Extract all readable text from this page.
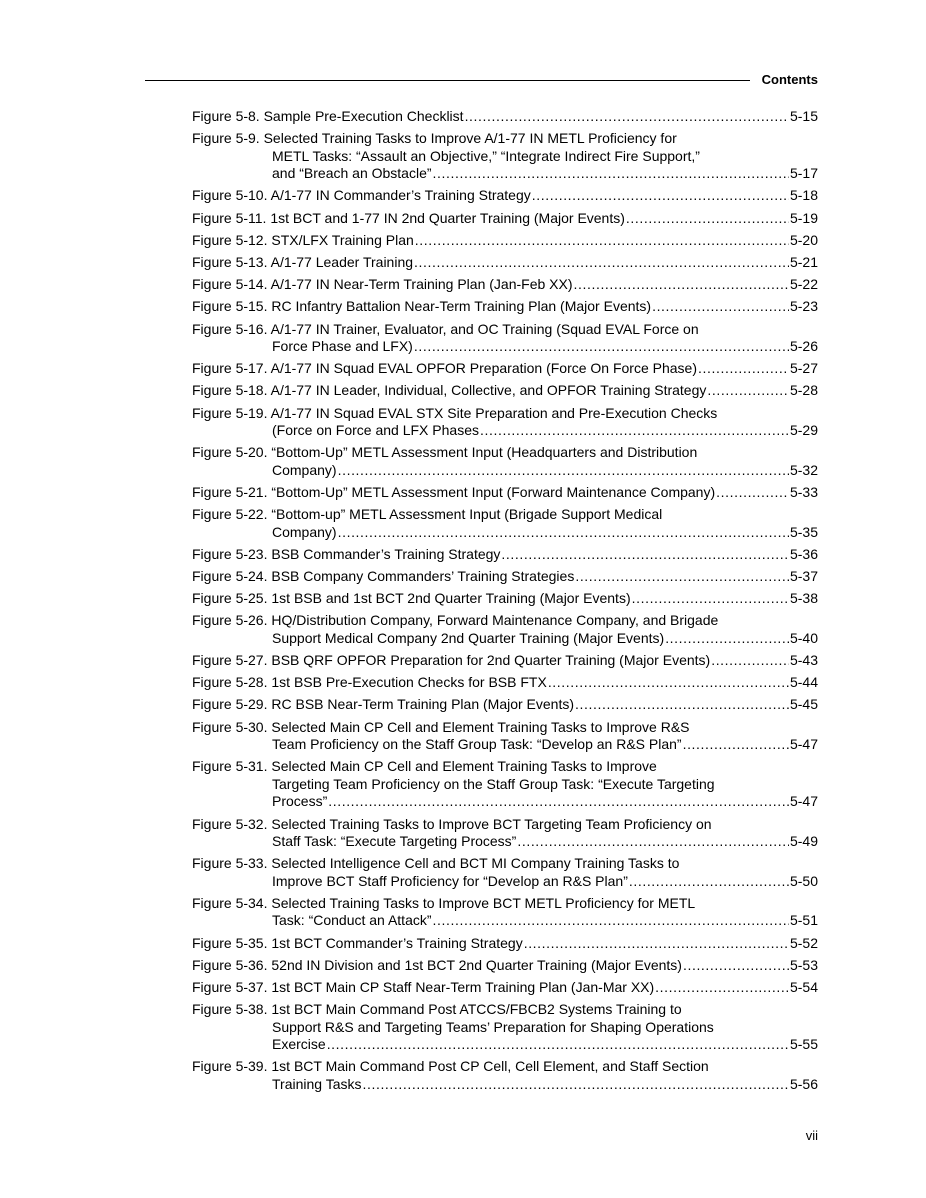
Contents
Figure 5-8. Sample Pre-Execution Checklist .....	5-15
Figure 5-9. Selected Training Tasks to Improve A/1-77 IN METL Proficiency for
METL Tasks: “Assault an Objective,” “Integrate Indirect Fire Support,”
and “Breach an Obstacle” .....	5-17
Figure 5-10. A/1-77 IN Commander’s Training Strategy .....	5-18
Figure 5-11. 1st BCT and 1-77 IN 2nd Quarter Training (Major Events) .....	5-19
Figure 5-12. STX/LFX Training Plan .....	5-20
Figure 5-13. A/1-77 Leader Training .....	5-21
Figure 5-14. A/1-77 IN Near-Term Training Plan (Jan-Feb XX) .....	5-22
Figure 5-15. RC Infantry Battalion Near-Term Training Plan (Major Events) .....	5-23
Figure 5-16. A/1-77 IN Trainer, Evaluator, and OC Training (Squad EVAL Force on
Force Phase and LFX) .....	5-26
Figure 5-17. A/1-77 IN Squad EVAL OPFOR Preparation (Force On Force Phase) .....	5-27
Figure 5-18. A/1-77 IN Leader, Individual, Collective, and OPFOR Training Strategy .....	5-28
Figure 5-19. A/1-77 IN Squad EVAL STX Site Preparation and Pre-Execution Checks
(Force on Force and LFX Phases .....	5-29
Figure 5-20. “Bottom-Up” METL Assessment Input (Headquarters and Distribution
Company) .....	5-32
Figure 5-21. “Bottom-Up” METL Assessment Input (Forward Maintenance Company) .....	5-33
Figure 5-22. “Bottom-up” METL Assessment Input (Brigade Support Medical
Company) .....	5-35
Figure 5-23. BSB Commander’s Training Strategy .....	5-36
Figure 5-24. BSB Company Commanders’ Training Strategies .....	5-37
Figure 5-25. 1st BSB and 1st BCT 2nd Quarter Training (Major Events) .....	5-38
Figure 5-26. HQ/Distribution Company, Forward Maintenance Company, and Brigade
Support Medical Company 2nd Quarter Training (Major Events) .....	5-40
Figure 5-27. BSB QRF OPFOR Preparation for 2nd Quarter Training (Major Events) .....	5-43
Figure 5-28. 1st BSB Pre-Execution Checks for BSB FTX .....	5-44
Figure 5-29. RC BSB Near-Term Training Plan (Major Events) .....	5-45
Figure 5-30. Selected Main CP Cell and Element Training Tasks to Improve R&S
Team Proficiency on the Staff Group Task: “Develop an R&S Plan” .....	5-47
Figure 5-31. Selected Main CP Cell and Element Training Tasks to Improve
Targeting Team Proficiency on the Staff Group Task: “Execute Targeting
Process” .....	5-47
Figure 5-32. Selected Training Tasks to Improve BCT Targeting Team Proficiency on
Staff Task: “Execute Targeting Process” .....	5-49
Figure 5-33. Selected Intelligence Cell and BCT MI Company Training Tasks to
Improve BCT Staff Proficiency for “Develop an R&S Plan” .....	5-50
Figure 5-34. Selected Training Tasks to Improve BCT METL Proficiency for METL
Task: “Conduct an Attack” .....	5-51
Figure 5-35. 1st BCT Commander’s Training Strategy .....	5-52
Figure 5-36. 52nd IN Division and 1st BCT 2nd Quarter Training (Major Events) .....	5-53
Figure 5-37. 1st BCT Main CP Staff Near-Term Training Plan (Jan-Mar XX) .....	5-54
Figure 5-38. 1st BCT Main Command Post ATCCS/FBCB2 Systems Training to
Support R&S and Targeting Teams’ Preparation for Shaping Operations
Exercise .....	5-55
Figure 5-39. 1st BCT Main Command Post CP Cell, Cell Element, and Staff Section
Training Tasks .....	5-56
vii
